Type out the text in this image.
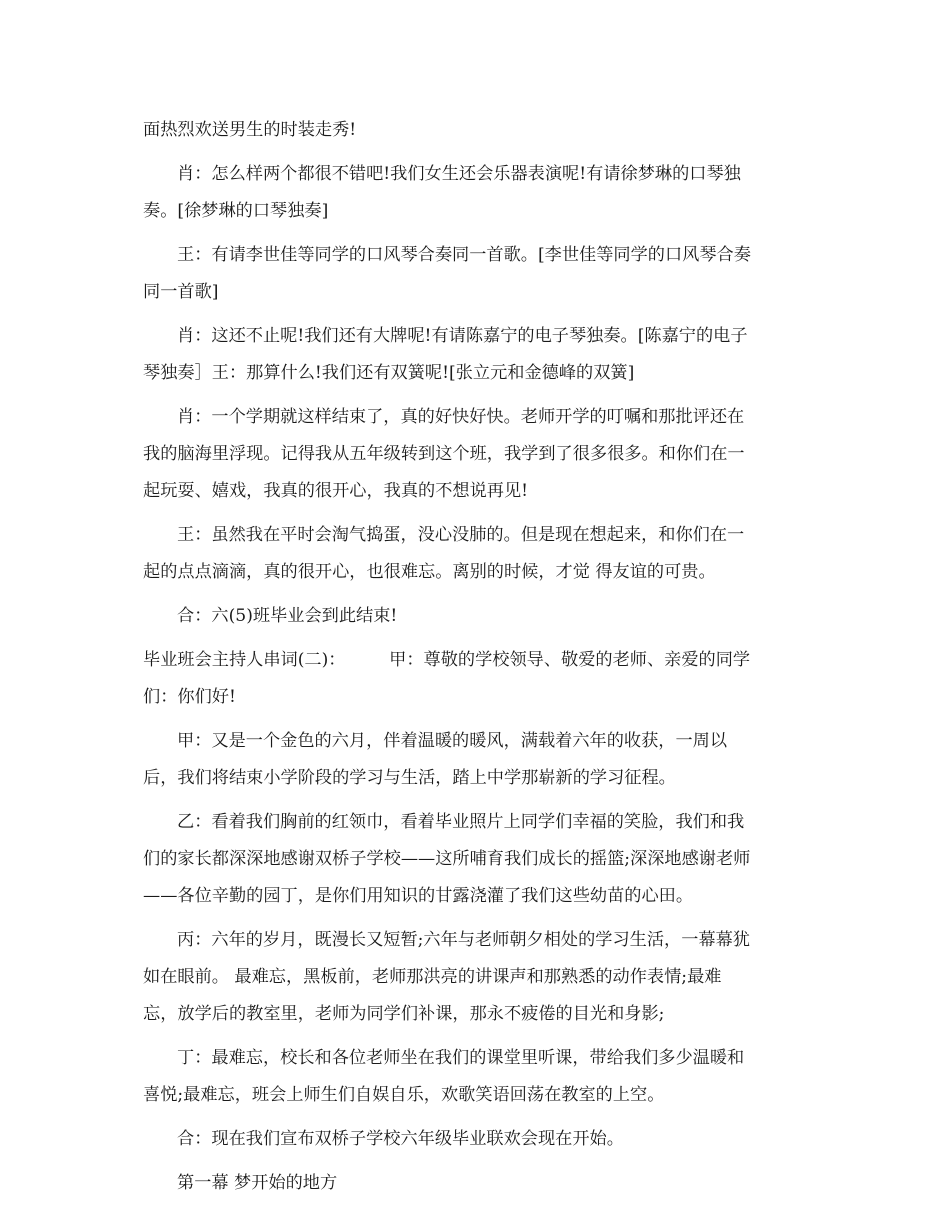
面热烈欢送男生的时装走秀!
肖：怎么样两个都很不错吧!我们女生还会乐器表演呢!有请徐梦琳的口琴独
奏。[徐梦琳的口琴独奏]
王：有请李世佳等同学的口风琴合奏同一首歌。[李世佳等同学的口风琴合奏
同一首歌]
肖：这还不止呢!我们还有大牌呢!有请陈嘉宁的电子琴独奏。[陈嘉宁的电子
琴独奏］王：那算什么!我们还有双簧呢![张立元和金德峰的双簧]
肖：一个学期就这样结束了，真的好快好快。老师开学的叮嘱和那批评还在
我的脑海里浮现。记得我从五年级转到这个班，我学到了很多很多。和你们在一
起玩耍、嬉戏，我真的很开心，我真的不想说再见!
王：虽然我在平时会淘气捣蛋，没心没肺的。但是现在想起来，和你们在一
起的点点滴滴，真的很开心，也很难忘。离别的时候，才觉 得友谊的可贵。
合：六(5)班毕业会到此结束!
毕业班会主持人串词(二)：        甲：尊敬的学校领导、敬爱的老师、亲爱的同学
们：你们好!
甲：又是一个金色的六月，伴着温暖的暖风，满载着六年的收获，一周以
后，我们将结束小学阶段的学习与生活，踏上中学那崭新的学习征程。
乙：看着我们胸前的红领巾，看着毕业照片上同学们幸福的笑脸，我们和我
们的家长都深深地感谢双桥子学校——这所哺育我们成长的摇篮;深深地感谢老师
——各位辛勤的园丁，是你们用知识的甘露浇灌了我们这些幼苗的心田。
丙：六年的岁月，既漫长又短暂;六年与老师朝夕相处的学习生活，一幕幕犹
如在眼前。 最难忘，黑板前，老师那洪亮的讲课声和那熟悉的动作表情;最难
忘，放学后的教室里，老师为同学们补课，那永不疲倦的目光和身影;
丁：最难忘，校长和各位老师坐在我们的课堂里听课，带给我们多少温暖和
喜悦;最难忘，班会上师生们自娱自乐，欢歌笑语回荡在教室的上空。
合：现在我们宣布双桥子学校六年级毕业联欢会现在开始。
第一幕 梦开始的地方
